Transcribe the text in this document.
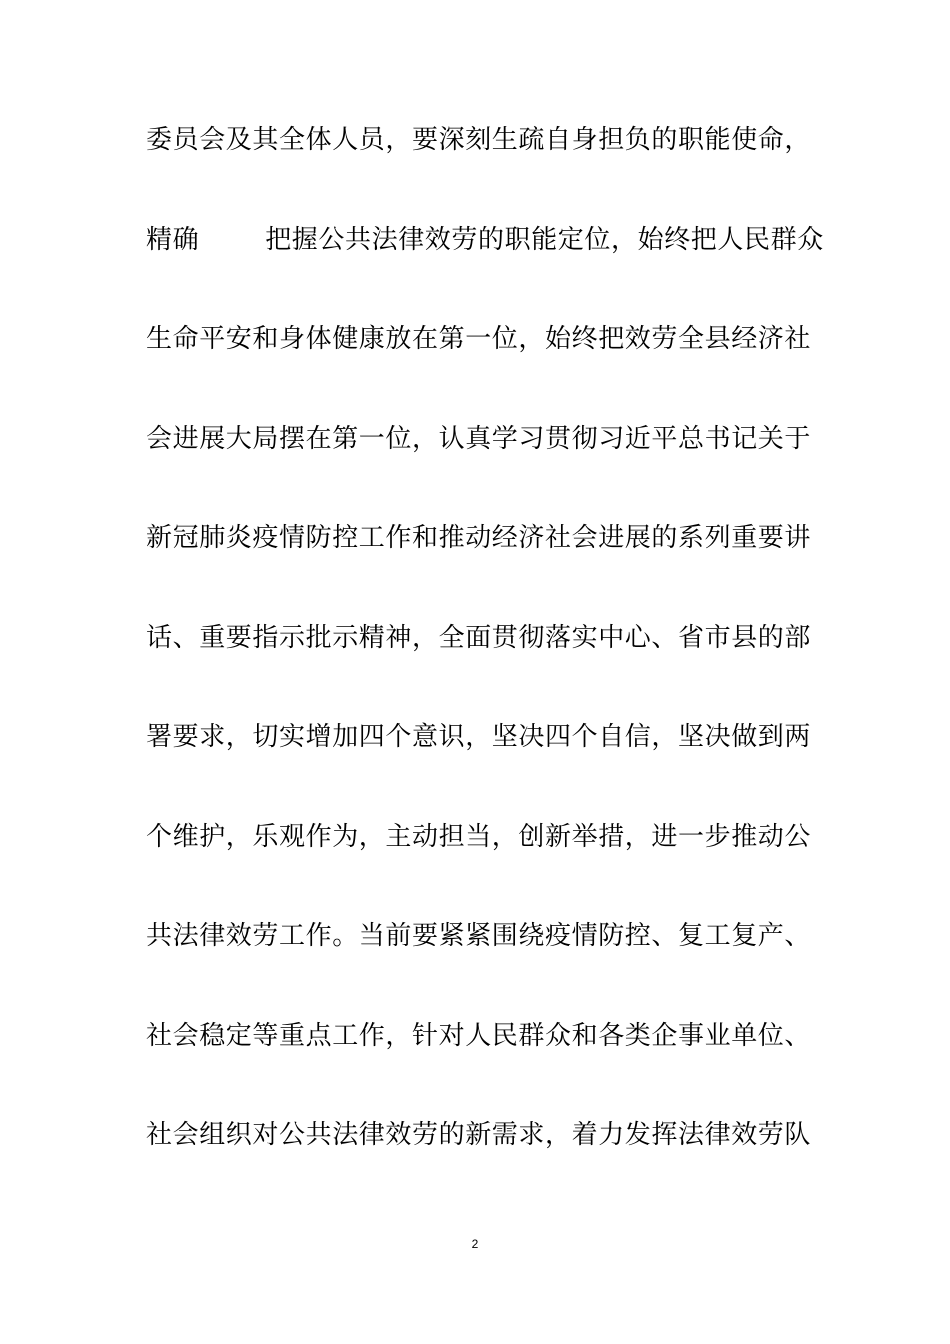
委员会及其全体人员，要深刻生疏自身担负的职能使命，
精确	把握公共法律效劳的职能定位，始终把人民群众
生命平安和身体健康放在第一位，始终把效劳全县经济社
会进展大局摆在第一位，认真学习贯彻习近平总书记关于
新冠肺炎疫情防控工作和推动经济社会进展的系列重要讲
话、重要指示批示精神，全面贯彻落实中心、省市县的部
署要求，切实增加四个意识，坚决四个自信，坚决做到两
个维护，乐观作为，主动担当，创新举措，进一步推动公
共法律效劳工作。当前要紧紧围绕疫情防控、复工复产、
社会稳定等重点工作，针对人民群众和各类企事业单位、
社会组织对公共法律效劳的新需求，着力发挥法律效劳队
2
